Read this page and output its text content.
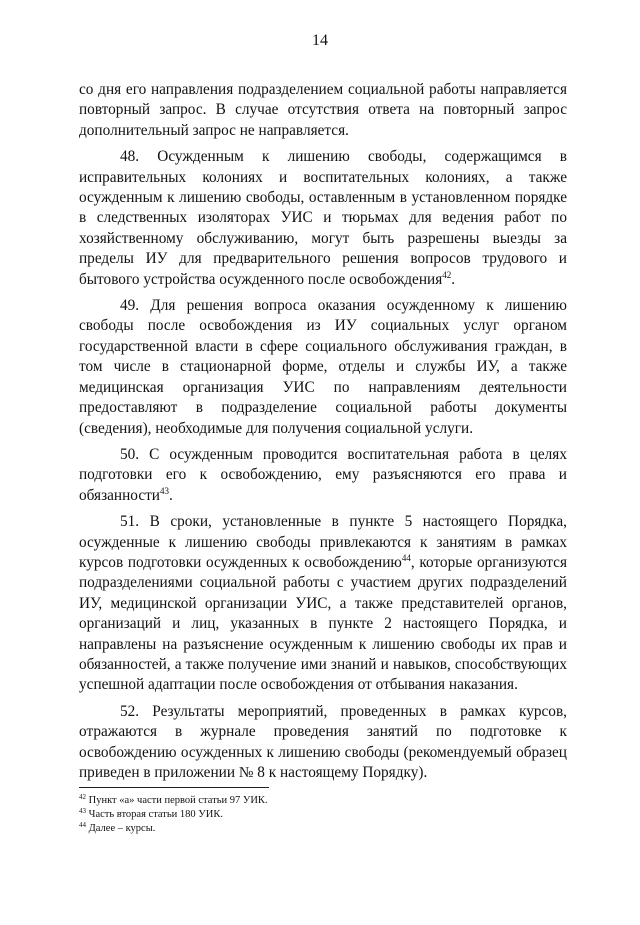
14

со дня его направления подразделением социальной работы направляется повторный запрос. В случае отсутствия ответа на повторный запрос дополнительный запрос не направляется.

48. Осужденным к лишению свободы, содержащимся в исправительных колониях и воспитательных колониях, а также осужденным к лишению свободы, оставленным в установленном порядке в следственных изоляторах УИС и тюрьмах для ведения работ по хозяйственному обслуживанию, могут быть разрешены выезды за пределы ИУ для предварительного решения вопросов трудового и бытового устройства осужденного после освобождения$^{42}$.

49. Для решения вопроса оказания осужденному к лишению свободы после освобождения из ИУ социальных услуг органом государственной власти в сфере социального обслуживания граждан, в том числе в стационарной форме, отделы и службы ИУ, а также медицинская организация УИС по направлениям деятельности предоставляют в подразделение социальной работы документы (сведения), необходимые для получения социальной услуги.

50. С осужденным проводится воспитательная работа в целях подготовки его к освобождению, ему разъясняются его права и обязанности$^{43}$.

51. В сроки, установленные в пункте 5 настоящего Порядка, осужденные к лишению свободы привлекаются к занятиям в рамках курсов подготовки осужденных к освобождению$^{44}$, которые организуются подразделениями социальной работы с участием других подразделений ИУ, медицинской организации УИС, а также представителей органов, организаций и лиц, указанных в пункте 2 настоящего Порядка, и направлены на разъяснение осужденным к лишению свободы их прав и обязанностей, а также получение ими знаний и навыков, способствующих успешной адаптации после освобождения от отбывания наказания.

52. Результаты мероприятий, проведенных в рамках курсов, отражаются в журнале проведения занятий по подготовке к освобождению осужденных к лишению свободы (рекомендуемый образец приведен в приложении № 8 к настоящему Порядку).

$^{42}$ Пункт «а» части первой статьи 97 УИК.

$^{43}$ Часть вторая статьи 180 УИК.

$^{44}$ Далее – курсы.
